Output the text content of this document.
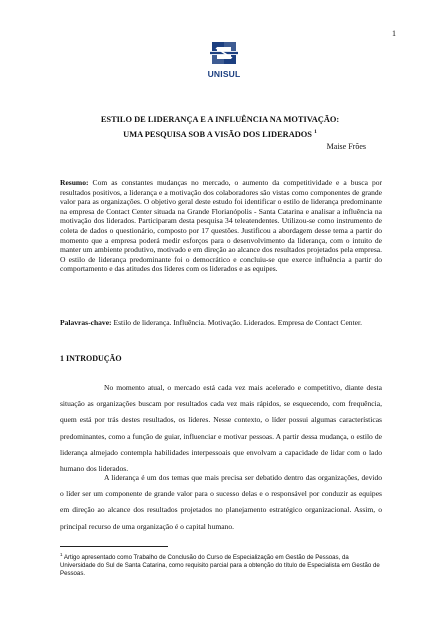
1
UNISUL
ESTILO DE LIDERANÇA E A INFLUÊNCIA NA MOTIVAÇÃO:
UMA PESQUISA SOB A VISÃO DOS LIDERADOS $^1$
Maise Frões
Resumo: Com as constantes mudanças no mercado, o aumento da competitividade e a busca por resultados positivos, a liderança e a motivação dos colaboradores são vistas como componentes de grande valor para as organizações. O objetivo geral deste estudo foi identificar o estilo de liderança predominante na empresa de Contact Center situada na Grande Florianópolis - Santa Catarina e analisar a influência na motivação dos liderados. Participaram desta pesquisa 34 teleatendentes. Utilizou-se como instrumento de coleta de dados o questionário, composto por 17 questões. Justificou a abordagem desse tema a partir do momento que a empresa poderá medir esforços para o desenvolvimento da liderança, com o intuito de manter um ambiente produtivo, motivado e em direção ao alcance dos resultados projetados pela empresa. O estilo de liderança predominante foi o democrático e concluiu-se que exerce influência a partir do comportamento e das atitudes dos líderes com os liderados e as equipes.
Palavras-chave: Estilo de liderança. Influência. Motivação. Liderados. Empresa de Contact Center.
1 INTRODUÇÃO
No momento atual, o mercado está cada vez mais acelerado e competitivo, diante desta situação as organizações buscam por resultados cada vez mais rápidos, se esquecendo, com frequência, quem está por trás destes resultados, os líderes. Nesse contexto, o líder possui algumas características predominantes, como a função de guiar, influenciar e motivar pessoas. A partir dessa mudança, o estilo de liderança almejado contempla habilidades interpessoais que envolvam a capacidade de lidar com o lado humano dos liderados.
A liderança é um dos temas que mais precisa ser debatido dentro das organizações, devido o líder ser um componente de grande valor para o sucesso delas e o responsável por conduzir as equipes em direção ao alcance dos resultados projetados no planejamento estratégico organizacional. Assim, o principal recurso de uma organização é o capital humano.
$^1$ Artigo apresentado como Trabalho de Conclusão do Curso de Especialização em Gestão de Pessoas, da Universidade do Sul de Santa Catarina, como requisito parcial para a obtenção do título de Especialista em Gestão de Pessoas.
